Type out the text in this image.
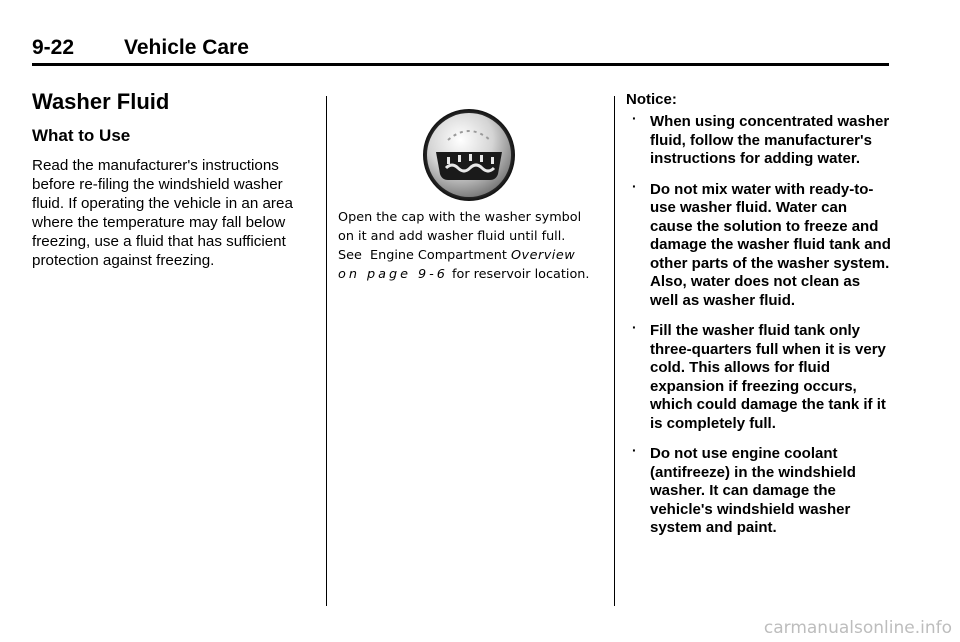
9-22 Vehicle Care
Washer Fluid
What to Use

Read the manufacturer's instructions before re-filing the windshield washer fluid. If operating the vehicle in an area where the temperature may fall below freezing, use a fluid that has sufficient protection against freezing.

Open the cap with the washer symbol on it and add washer fluid until full. See  Engine Compartment Overview on page 9-6 for reservoir location.

Notice:

· When using concentrated washer fluid, follow the manufacturer's instructions for adding water.
· Do not mix water with ready-to-use washer fluid. Water can cause the solution to freeze and damage the washer fluid tank and other parts of the washer system. Also, water does not clean as well as washer fluid.
· Fill the washer fluid tank only three-quarters full when it is very cold. This allows for fluid expansion if freezing occurs, which could damage the tank if it is completely full.
· Do not use engine coolant (antifreeze) in the windshield washer. It can damage the vehicle's windshield washer system and paint.
carmanualsonline.info
